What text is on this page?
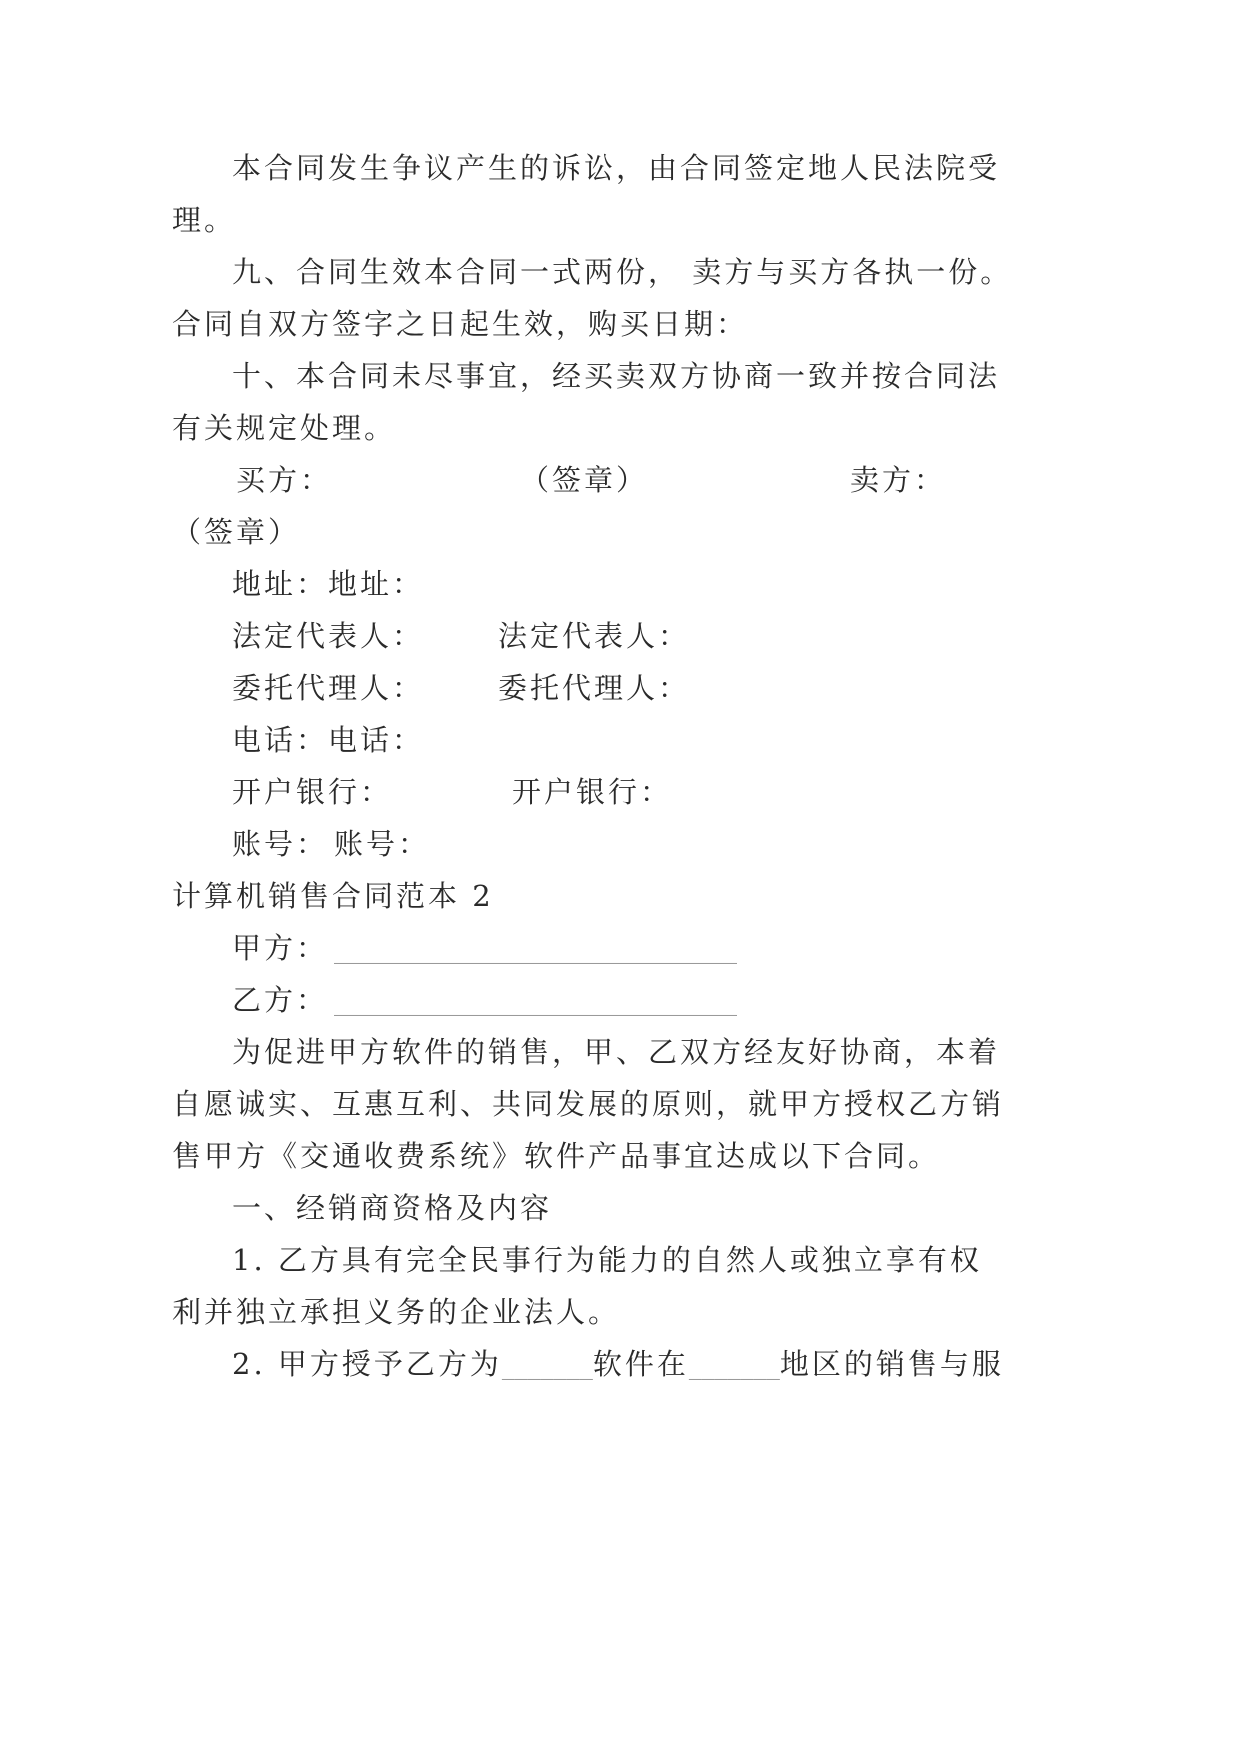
本合同发生争议产生的诉讼，由合同签定地人民法院受
理。
九、合同生效本合同一式两份， 卖方与买方各执一份。
合同自双方签字之日起生效，购买日期：
十、本合同未尽事宜，经买卖双方协商一致并按合同法
有关规定处理。
买方：	（签章）	卖方：
（签章）
地址：地址：
法定代表人：	法定代表人：
委托代理人：	委托代理人：
电话：电话：
开户银行：	开户银行：
账号： 账号：
计算机销售合同范本 2
甲方： _______________________________
乙方： _______________________________
为促进甲方软件的销售，甲、乙双方经友好协商，本着
自愿诚实、互惠互利、共同发展的原则，就甲方授权乙方销
售甲方《交通收费系统》软件产品事宜达成以下合同。
一、经销商资格及内容
1. 乙方具有完全民事行为能力的自然人或独立享有权
利并独立承担义务的企业法人。
2. 甲方授予乙方为_______软件在_______地区的销售与服
